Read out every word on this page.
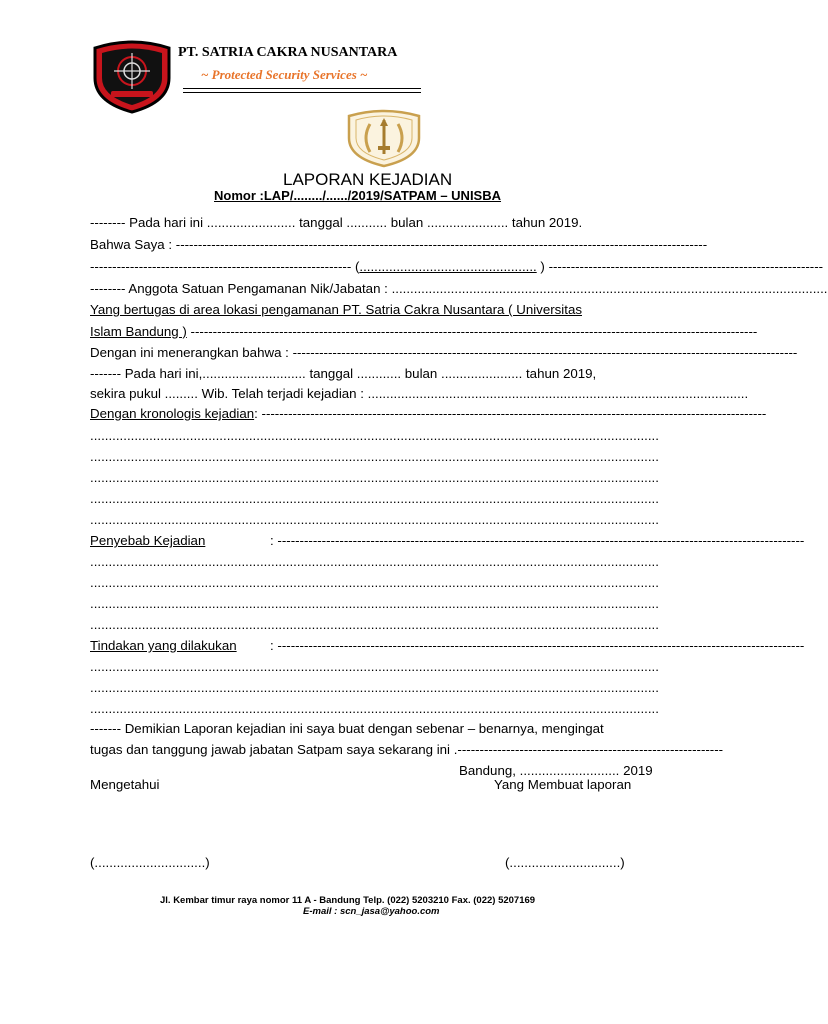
PT. SATRIA CAKRA NUSANTARA
~ Protected Security Services ~
LAPORAN KEJADIAN
Nomor :LAP/......../....../2019/SATPAM – UNISBA
-------- Pada hari ini ........................ tanggal ........... bulan ...................... tahun 2019.
Bahwa Saya :
------------------------------------------------------------------------------------------------------------------------
-----------------------------------------------------------
( ................................................
)
--------------------------------------------------------------
-------- Anggota Satuan Pengamanan Nik/Jabatan :
......................................................................................................................
Yang bertugas di area lokasi pengamanan PT. Satria Cakra Nusantara ( Universitas
Islam Bandung )
--------------------------------------------------------------------------------------------------------------------------------
Dengan ini menerangkan bahwa :
------------------------------------------------------------------------------------------------------------------
------- Pada hari ini,............................ tanggal ............ bulan ...................... tahun 2019,
sekira pukul ......... Wib. Telah terjadi kejadian :
.......................................................................................................
Dengan kronologis kejadian :
------------------------------------------------------------------------------------------------------------------
..........................................................................................................................................................
..........................................................................................................................................................
..........................................................................................................................................................
..........................................................................................................................................................
..........................................................................................................................................................
Penyebab Kejadian	:
-----------------------------------------------------------------------------------------------------------------------
..........................................................................................................................................................
..........................................................................................................................................................
..........................................................................................................................................................
..........................................................................................................................................................
Tindakan yang dilakukan	:
-----------------------------------------------------------------------------------------------------------------------
..........................................................................................................................................................
..........................................................................................................................................................
..........................................................................................................................................................
------- Demikian Laporan kejadian ini saya buat dengan sebenar – benarnya, mengingat
tugas dan tanggung jawab jabatan Satpam saya sekarang ini . ------------------------------------------------------------
Bandung, ........................... 2019
Mengetahui	Yang Membuat laporan
(..............................)	(..............................)
Jl. Kembar timur raya nomor 11 A - Bandung Telp. (022) 5203210 Fax. (022) 5207169
E-mail : scn_jasa@yahoo.com
